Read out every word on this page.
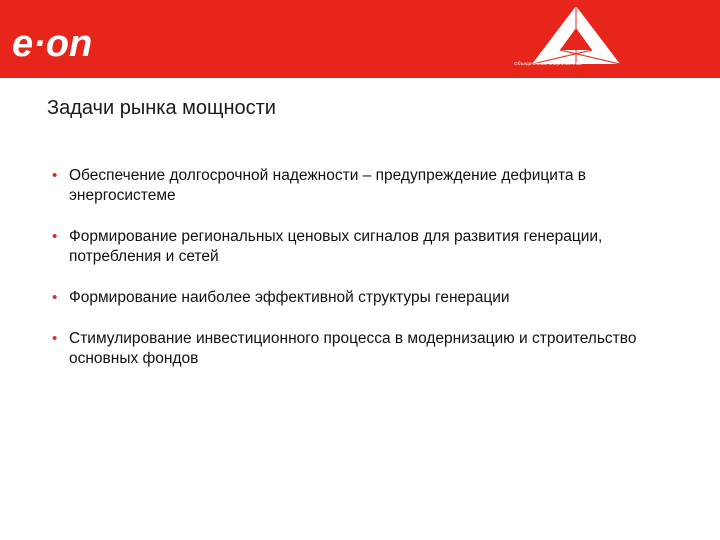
e·on	Объединенная энергосистема
Задачи рынка мощности
• Обеспечение долгосрочной надежности – предупреждение дефицита в энергосистеме
• Формирование региональных ценовых сигналов для развития генерации, потребления и сетей
• Формирование наиболее эффективной структуры генерации
• Стимулирование инвестиционного процесса в модернизацию и строительство основных фондов
